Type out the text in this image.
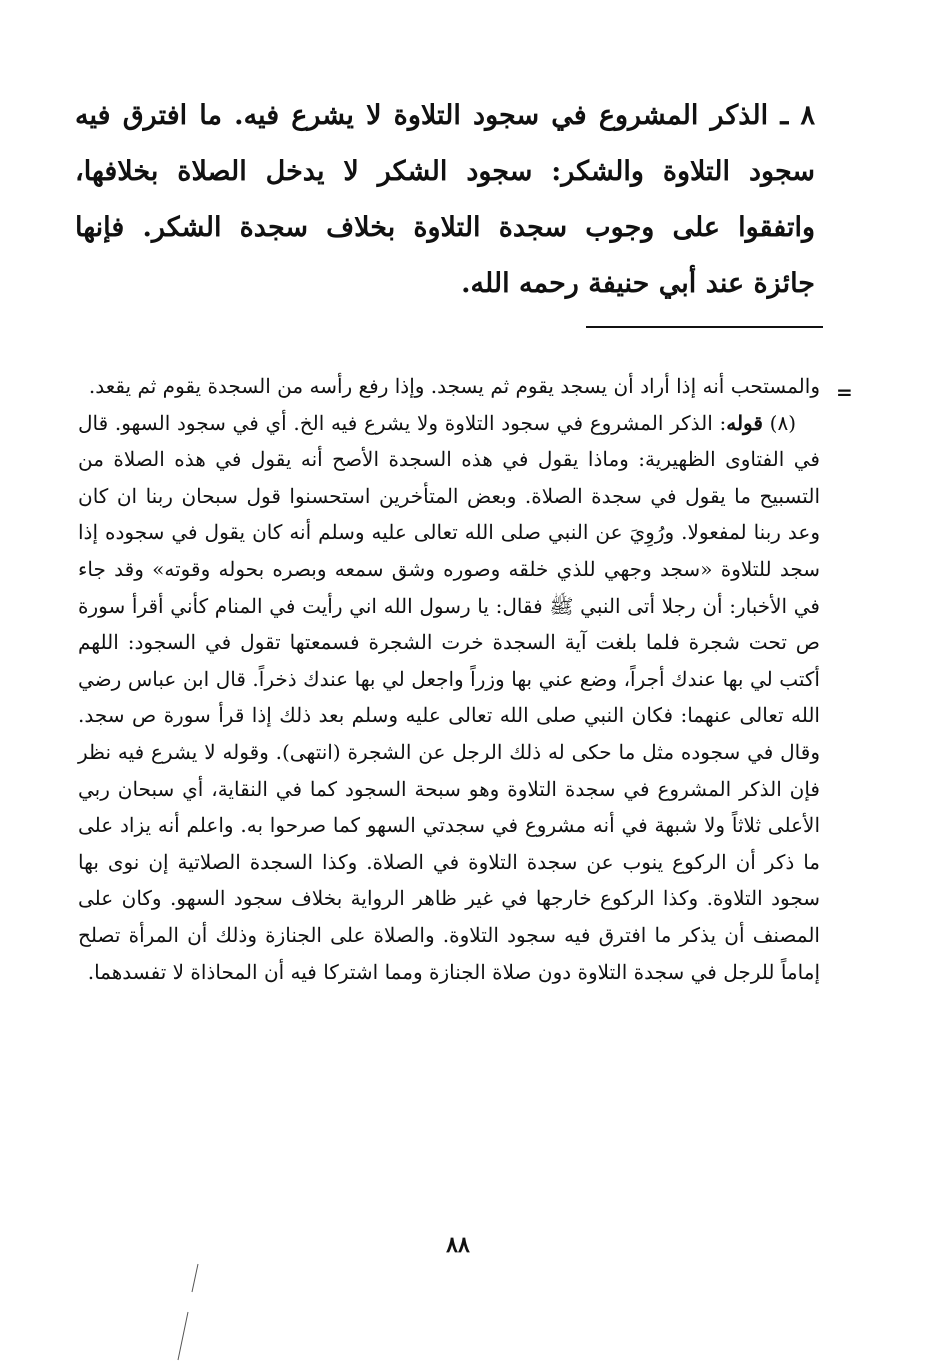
٨ ـ الذكر المشروع في سجود التلاوة لا يشرع فيه. ما افترق فيه سجود التلاوة والشكر: سجود الشكر لا يدخل الصلاة بخلافها، واتفقوا على وجوب سجدة التلاوة بخلاف سجدة الشكر. فإنها جائزة عند أبي حنيفة رحمه الله.
=

والمستحب أنه إذا أراد أن يسجد يقوم ثم يسجد. وإذا رفع رأسه من السجدة يقوم ثم يقعد.

(٨) قوله: الذكر المشروع في سجود التلاوة ولا يشرع فيه الخ. أي في سجود السهو. قال في الفتاوى الظهيرية: وماذا يقول في هذه السجدة الأصح أنه يقول في هذه الصلاة من التسبيح ما يقول في سجدة الصلاة. وبعض المتأخرين استحسنوا قول سبحان ربنا ان كان وعد ربنا لمفعولا. ورُوِيَ عن النبي صلى الله تعالى عليه وسلم أنه كان يقول في سجوده إذا سجد للتلاوة «سجد وجهي للذي خلقه وصوره وشق سمعه وبصره بحوله وقوته» وقد جاء في الأخبار: أن رجلا أتى النبي ﷺ فقال: يا رسول الله اني رأيت في المنام كأني أقرأ سورة ص تحت شجرة فلما بلغت آية السجدة خرت الشجرة فسمعتها تقول في السجود: اللهم أكتب لي بها عندك أجراً، وضع عني بها وزراً واجعل لي بها عندك ذخراً. قال ابن عباس رضي الله تعالى عنهما: فكان النبي صلى الله تعالى عليه وسلم بعد ذلك إذا قرأ سورة ص سجد. وقال في سجوده مثل ما حكى له ذلك الرجل عن الشجرة (انتهى). وقوله لا يشرع فيه نظر فإن الذكر المشروع في سجدة التلاوة وهو سبحة السجود كما في النقاية، أي سبحان ربي الأعلى ثلاثاً ولا شبهة في أنه مشروع في سجدتي السهو كما صرحوا به. واعلم أنه يزاد على ما ذكر أن الركوع ينوب عن سجدة التلاوة في الصلاة. وكذا السجدة الصلاتية إن نوى بها سجود التلاوة. وكذا الركوع خارجها في غير ظاهر الرواية بخلاف سجود السهو. وكان على المصنف أن يذكر ما افترق فيه سجود التلاوة. والصلاة على الجنازة وذلك أن المرأة تصلح إماماً للرجل في سجدة التلاوة دون صلاة الجنازة ومما اشتركا فيه أن المحاذاة لا تفسدهما.

٨٨
